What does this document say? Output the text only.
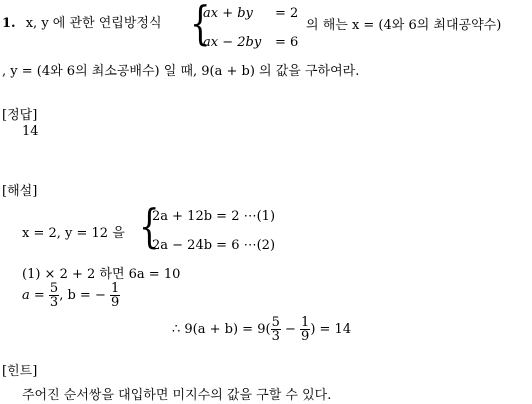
1. x, y 에 관한 연립방정식 {
ax + by = 2
ax − 2by = 6
의 해는 x = (4와 6의 최대공약수)
, y = (4와 6의 최소공배수) 일 때, 9(a + b) 의 값을 구하여라.
[정답]
14
[해설]
x = 2, y = 12 을 {
2a + 12b = 2 ⋯(1)
2a − 24b = 6 ⋯(2)
(1) × 2 + 2 하면 6a = 10
$a = \frac{5}{3}$ , b = − $\frac{1}{9}$
∴ $9(a + b) = 9( \frac{5}{3} - \frac{1}{9}$ ) = 14
[힌트]
주어진 순서쌍을 대입하면 미지수의 값을 구할 수 있다.
